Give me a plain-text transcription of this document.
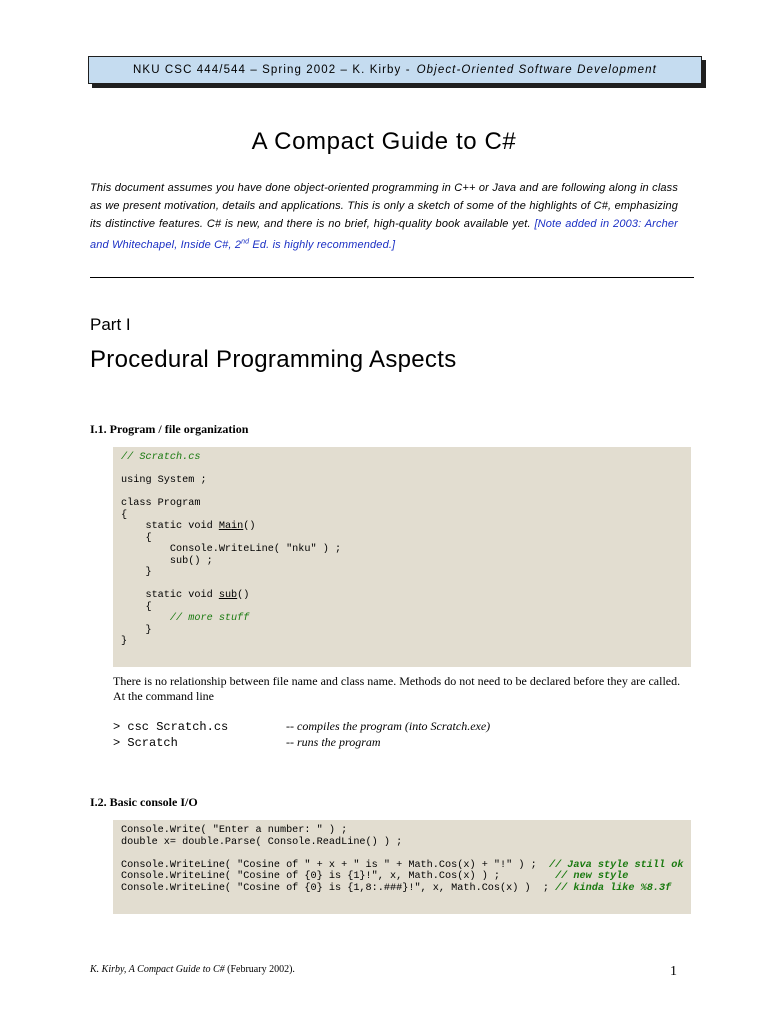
NKU CSC 444/544 – Spring 2002 – K. Kirby - Object-Oriented Software Development
A Compact Guide to C#
This document assumes you have done object-oriented programming in C++ or Java and are following along in class as we present motivation, details and applications. This is only a sketch of some of the highlights of C#, emphasizing its distinctive features. C# is new, and there is no brief, high-quality book available yet. [Note added in 2003: Archer and Whitechapel, Inside C#, 2nd Ed. is highly recommended.]
Part I
Procedural Programming Aspects
I.1. Program / file organization
// Scratch.cs
using System ;
class Program
{
static void Main()
{
Console.WriteLine( "nku" ) ;
sub() ;
}
static void sub()
{
// more stuff
}
}
There is no relationship between file name and class name. Methods do not need to be declared before they are called. At the command line
> csc Scratch.cs	-- compiles the program (into Scratch.exe)
> Scratch	-- runs the program
I.2. Basic console I/O
Console.Write( "Enter a number: " ) ;
double x= double.Parse( Console.ReadLine() ) ;
Console.WriteLine( "Cosine of " + x + " is " + Math.Cos(x) + "!" ) ;  // Java style still ok
Console.WriteLine( "Cosine of {0} is {1}!", x, Math.Cos(x) ) ;         // new style
Console.WriteLine( "Cosine of {0} is {1,8:.###}!", x, Math.Cos(x) )  ; // kinda like %8.3f
K. Kirby, A Compact Guide to C# (February 2002).	1
